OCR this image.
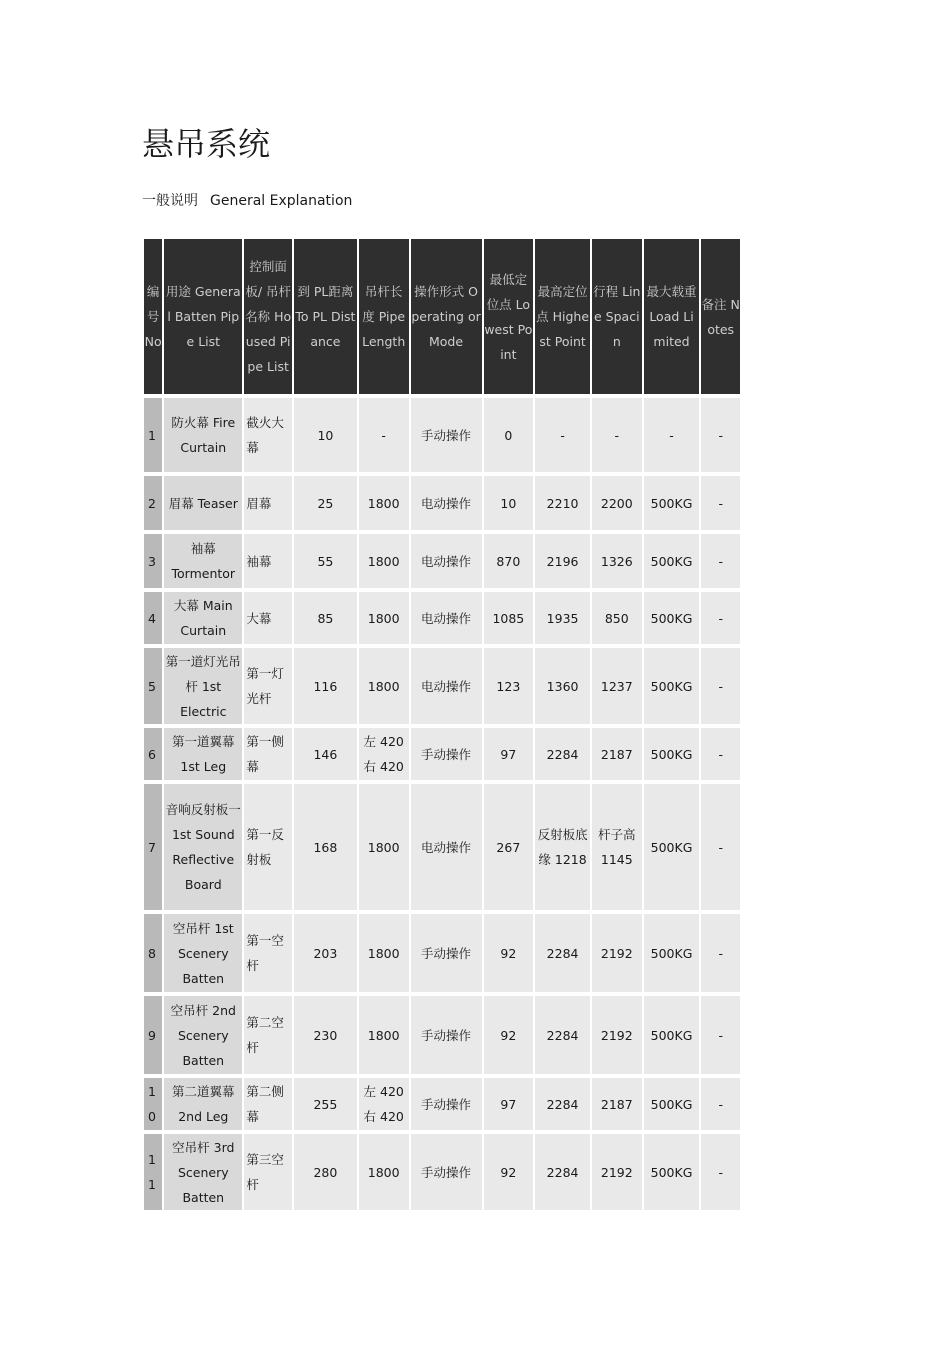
悬吊系统

一般说明 General Explanation

编号 No	用途 General Batten Pipe List	控制面板/ 吊杆名称 Housed Pipe List	到 PL距离 To PL Distance	吊杆长度 Pipe Length	操作形式 Operating or Mode	最低定位点 Lowest Point	最高定位点 Highest Point	行程 Line Spacin	最大载重 Load Limited	备注 Notes
1	防火幕 Fire Curtain	截火大幕	10	-	手动操作	0	-	-	-	-
2	眉幕 Teaser	眉幕	25	1800	电动操作	10	2210	2200	500KG	-
3	袖幕 Tormentor	袖幕	55	1800	电动操作	870	2196	1326	500KG	-
4	大幕 Main Curtain	大幕	85	1800	电动操作	1085	1935	850	500KG	-
5	第一道灯光吊杆 1st Electric	第一灯光杆	116	1800	电动操作	123	1360	1237	500KG	-
6	第一道翼幕 1st Leg	第一侧幕	146	左 420 右 420	手动操作	97	2284	2187	500KG	-
7	音响反射板一 1st Sound Reflective Board	第一反射板	168	1800	电动操作	267	反射板底缘 1218	杆子高 1145	500KG	-
8	空吊杆 1st Scenery Batten	第一空杆	203	1800	手动操作	92	2284	2192	500KG	-
9	空吊杆 2nd Scenery Batten	第二空杆	230	1800	手动操作	92	2284	2192	500KG	-
10	第二道翼幕 2nd Leg	第二侧幕	255	左 420 右 420	手动操作	97	2284	2187	500KG	-
11	空吊杆 3rd Scenery Batten	第三空杆	280	1800	手动操作	92	2284	2192	500KG	-
